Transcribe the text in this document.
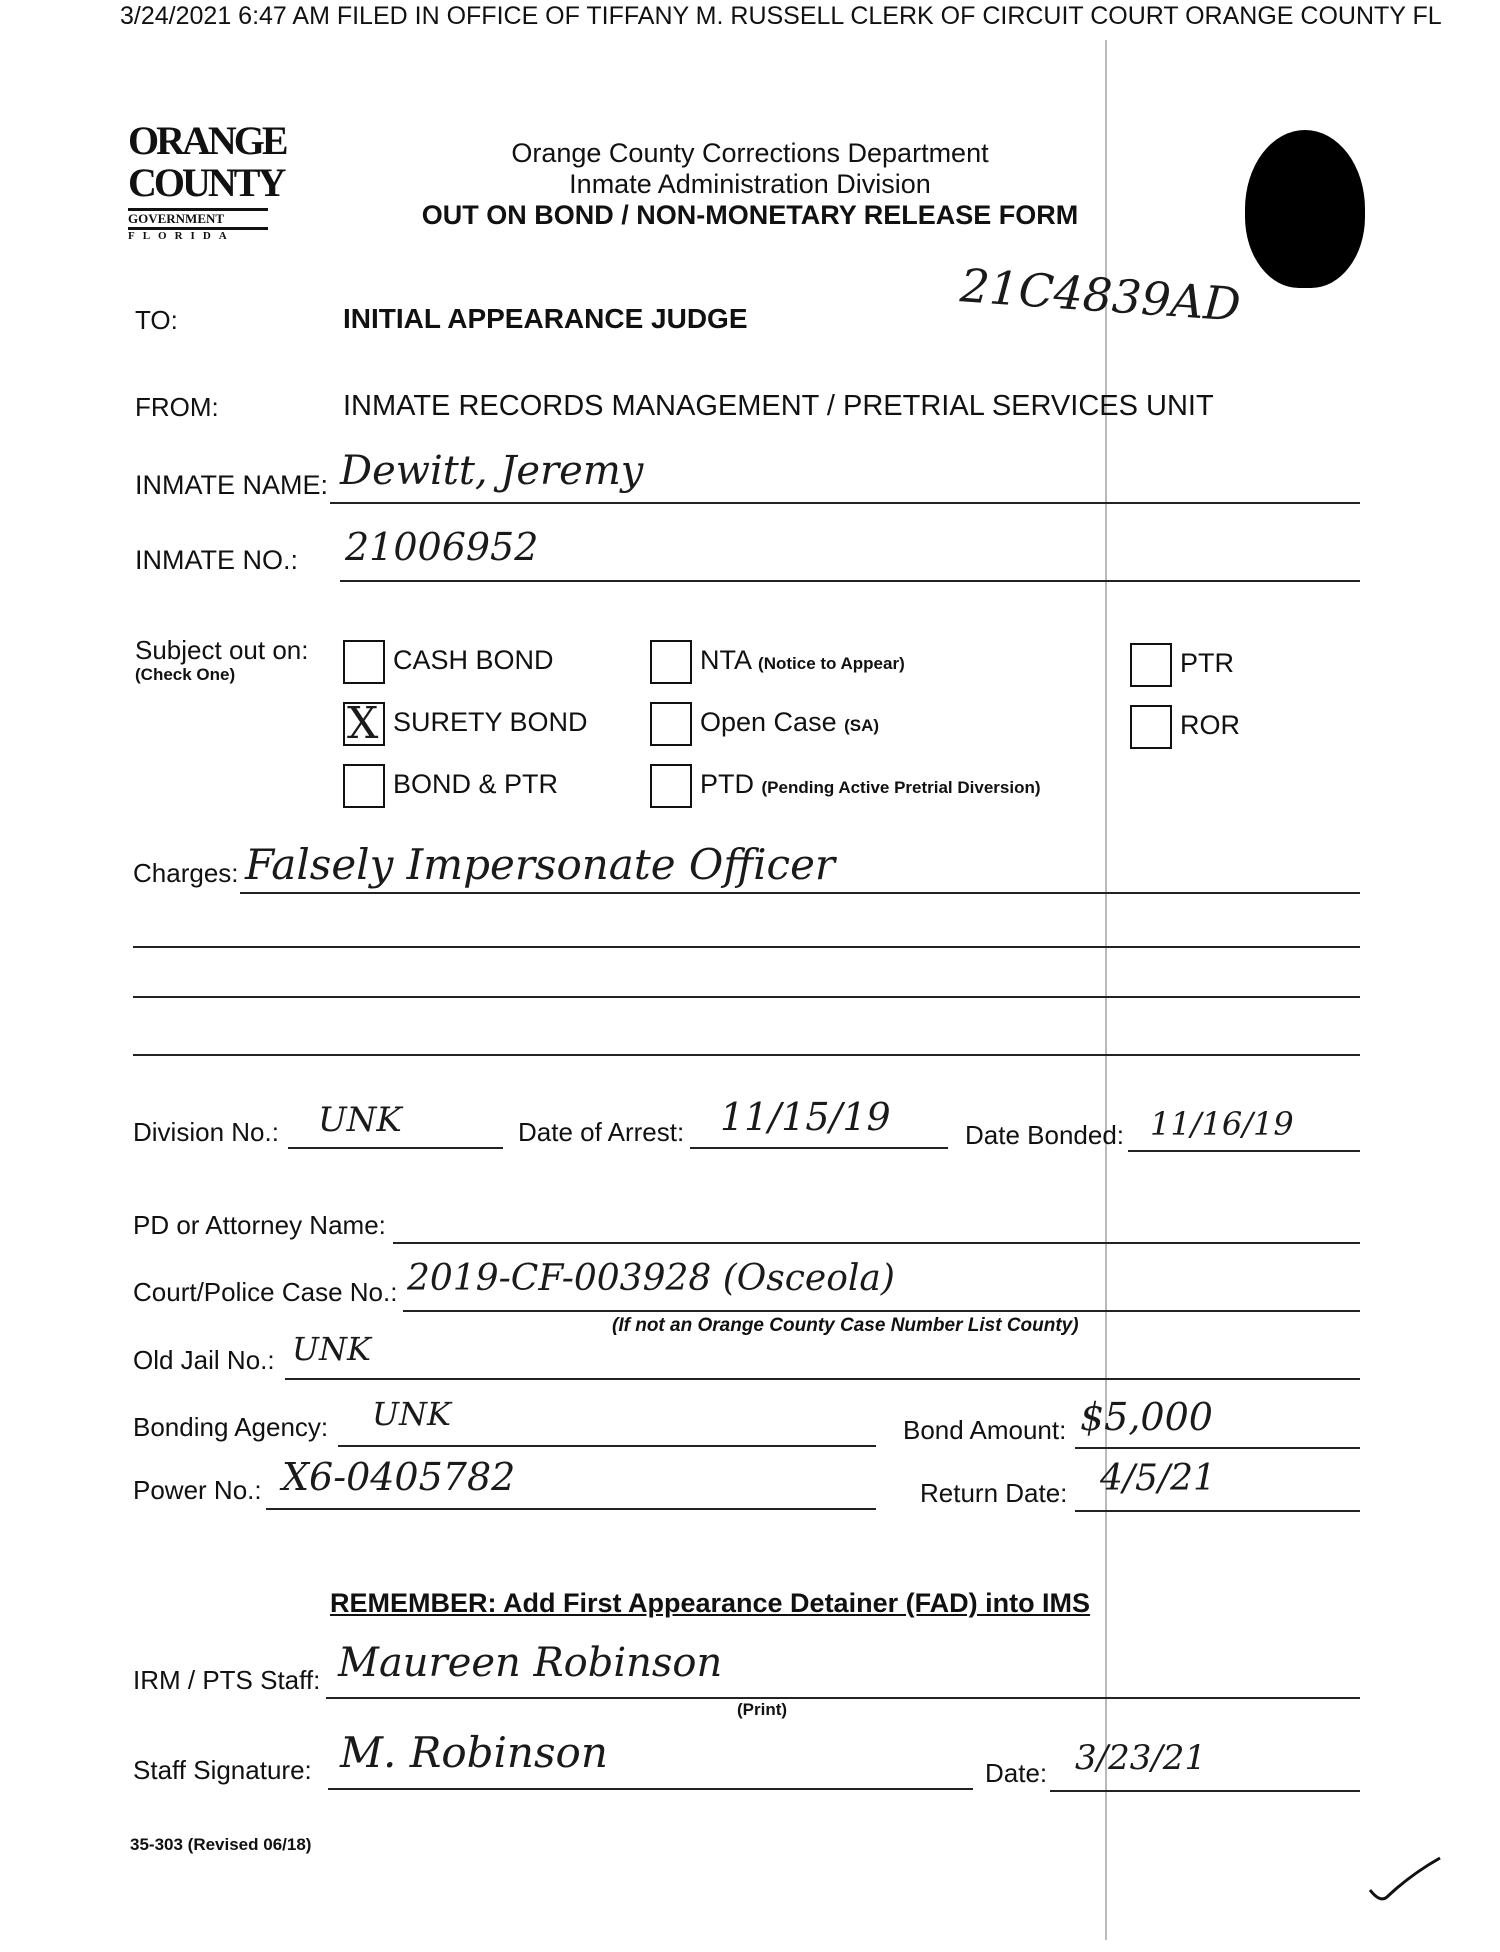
3/24/2021 6:47 AM FILED IN OFFICE OF TIFFANY M. RUSSELL CLERK OF CIRCUIT COURT ORANGE COUNTY FL
ORANGE
COUNTY
GOVERNMENT
FLORIDA
Orange County Corrections Department
Inmate Administration Division
OUT ON BOND / NON-MONETARY RELEASE FORM
21C4839AD
TO:	INITIAL APPEARANCE JUDGE
FROM:	INMATE RECORDS MANAGEMENT / PRETRIAL SERVICES UNIT
INMATE NAME: Dewitt, Jeremy
INMATE NO.: 21006952
Subject out on:
(Check One)	CASH BOND
X SURETY BOND
BOND & PTR
NTA (Notice to Appear)
Open Case (SA)
PTD (Pending Active Pretrial Diversion)
PTR
ROR
Charges: Falsely Impersonate Officer
Division No.: UNK	Date of Arrest: 11/15/19	Date Bonded: 11/16/19
PD or Attorney Name:
Court/Police Case No.: 2019-CF-003928 (Osceola)
(If not an Orange County Case Number List County)
Old Jail No.: UNK
Bonding Agency: UNK	Bond Amount: $5,000
Power No.: X6-0405782	Return Date: 4/5/21
REMEMBER: Add First Appearance Detainer (FAD) into IMS
IRM / PTS Staff: Maureen Robinson
(Print)
Staff Signature: M. Robinson	Date: 3/23/21
35-303 (Revised 06/18)
